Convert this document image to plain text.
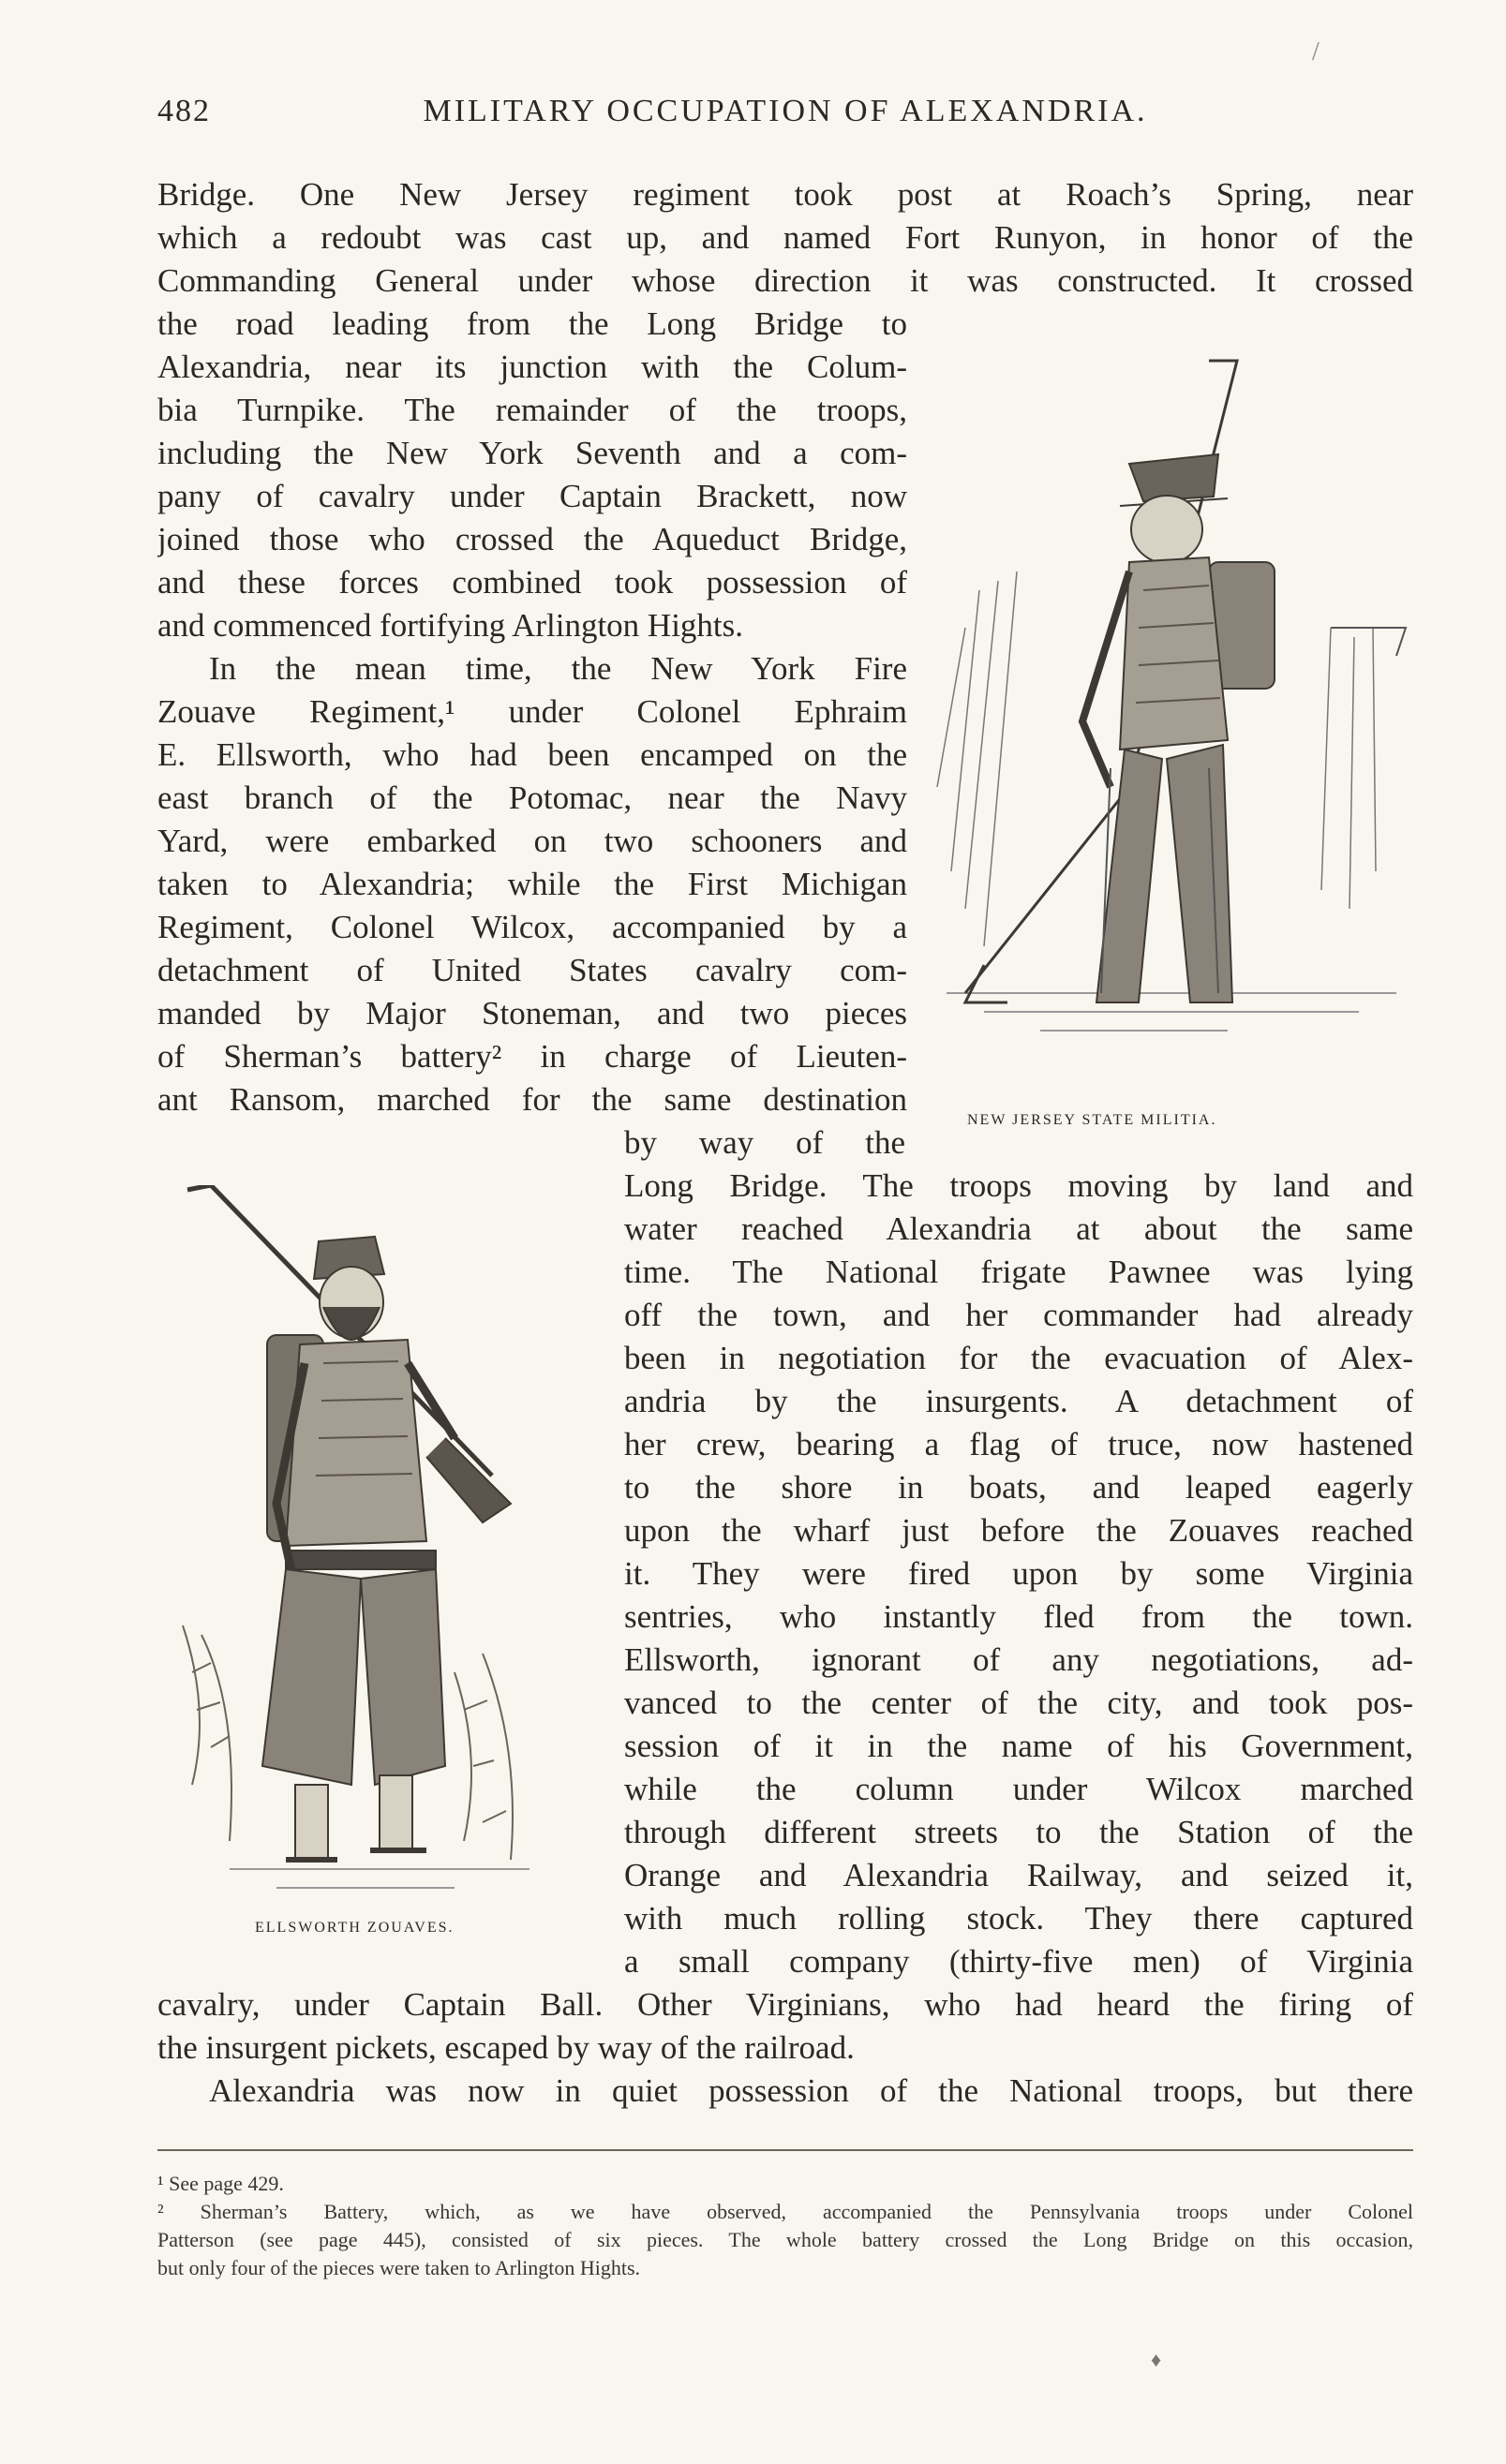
/
482	MILITARY OCCUPATION OF ALEXANDRIA.
Bridge. One New Jersey regiment took post at Roach’s Spring, near
which a redoubt was cast up, and named Fort Runyon, in honor of the
Commanding General under whose direction it was constructed. It crossed
the road leading from the Long Bridge to
Alexandria, near its junction with the Colum-
bia Turnpike. The remainder of the troops,
including the New York Seventh and a com-
pany of cavalry under Captain Brackett, now
joined those who crossed the Aqueduct Bridge,
and these forces combined took possession of
and commenced fortifying Arlington Hights.
In the mean time, the New York Fire
Zouave Regiment,¹ under Colonel Ephraim
E. Ellsworth, who had been encamped on the
east branch of the Potomac, near the Navy
Yard, were embarked on two schooners and
taken to Alexandria; while the First Michigan
Regiment, Colonel Wilcox, accompanied by a
detachment of United States cavalry com-
manded by Major Stoneman, and two pieces
of Sherman’s battery² in charge of Lieuten-
ant Ransom, marched for the same destination
by way of the
Long Bridge. The troops moving by land and
water reached Alexandria at about the same
time. The National frigate Pawnee was lying
off the town, and her commander had already
been in negotiation for the evacuation of Alex-
andria by the insurgents. A detachment of
her crew, bearing a flag of truce, now hastened
to the shore in boats, and leaped eagerly
upon the wharf just before the Zouaves reached
it. They were fired upon by some Virginia
sentries, who instantly fled from the town.
Ellsworth, ignorant of any negotiations, ad-
vanced to the center of the city, and took pos-
session of it in the name of his Government,
while the column under Wilcox marched
through different streets to the Station of the
Orange and Alexandria Railway, and seized it,
with much rolling stock. They there captured
a small company (thirty-five men) of Virginia
cavalry, under Captain Ball. Other Virginians, who had heard the firing of
the insurgent pickets, escaped by way of the railroad.
Alexandria was now in quiet possession of the National troops, but there
NEW JERSEY STATE MILITIA.
ELLSWORTH ZOUAVES.
¹ See page 429.
² Sherman’s Battery, which, as we have observed, accompanied the Pennsylvania troops under Colonel
Patterson (see page 445), consisted of six pieces. The whole battery crossed the Long Bridge on this occasion,
but only four of the pieces were taken to Arlington Hights.
♦
